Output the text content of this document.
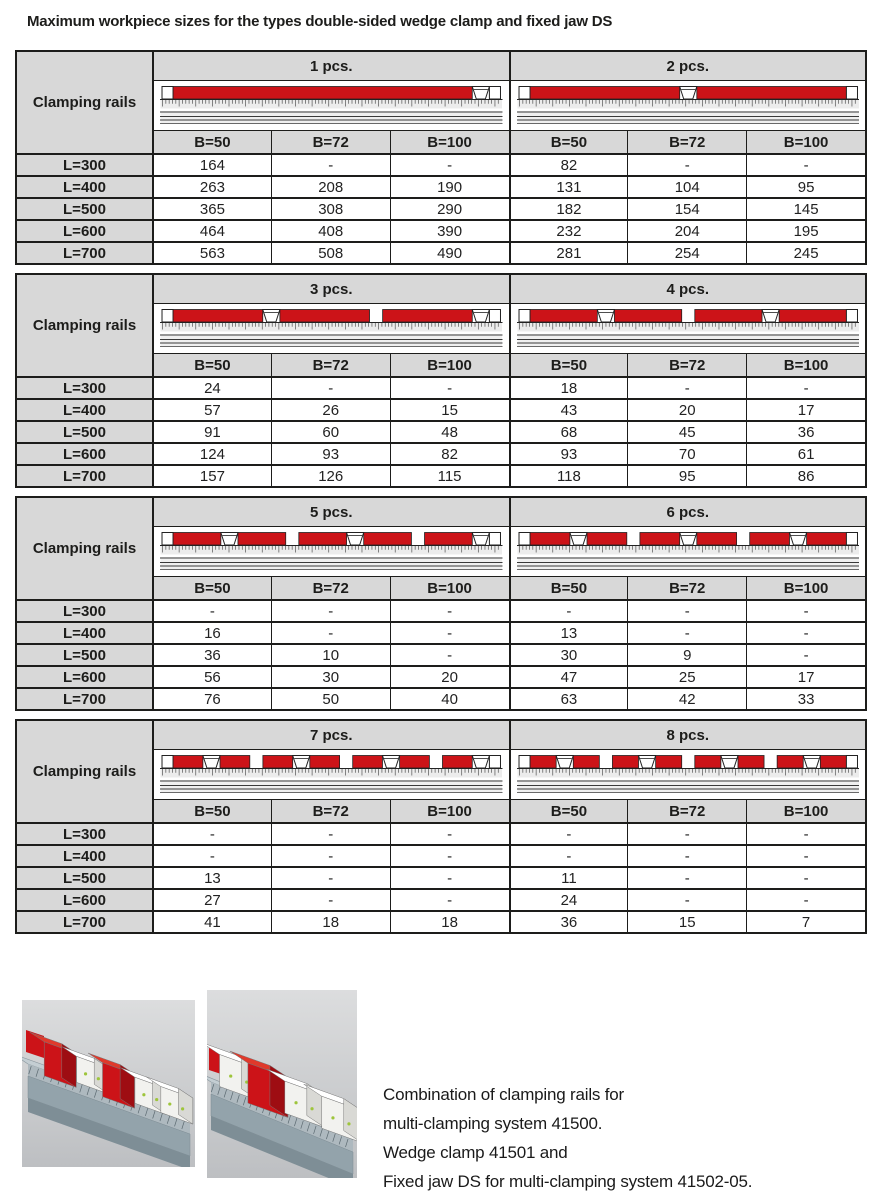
Maximum workpiece sizes for the types double-sided wedge clamp and fixed jaw DS
Clamping rails
1 pcs.	2 pcs.
B=50	B=72	B=100	B=50	B=72	B=100
L=300	164	-	-	82	-	-
L=400	263	208	190	131	104	95
L=500	365	308	290	182	154	145
L=600	464	408	390	232	204	195
L=700	563	508	490	281	254	245
Clamping rails
3 pcs.	4 pcs.
B=50	B=72	B=100	B=50	B=72	B=100
L=300	24	-	-	18	-	-
L=400	57	26	15	43	20	17
L=500	91	60	48	68	45	36
L=600	124	93	82	93	70	61
L=700	157	126	115	118	95	86
Clamping rails
5 pcs.	6 pcs.
B=50	B=72	B=100	B=50	B=72	B=100
L=300	-	-	-	-	-	-
L=400	16	-	-	13	-	-
L=500	36	10	-	30	9	-
L=600	56	30	20	47	25	17
L=700	76	50	40	63	42	33
Clamping rails
7 pcs.	8 pcs.
B=50	B=72	B=100	B=50	B=72	B=100
L=300	-	-	-	-	-	-
L=400	-	-	-	-	-	-
L=500	13	-	-	11	-	-
L=600	27	-	-	24	-	-
L=700	41	18	18	36	15	7
Combination of clamping rails for
multi-clamping system 41500.
Wedge clamp 41501 and
Fixed jaw DS for multi-clamping system 41502-05.
